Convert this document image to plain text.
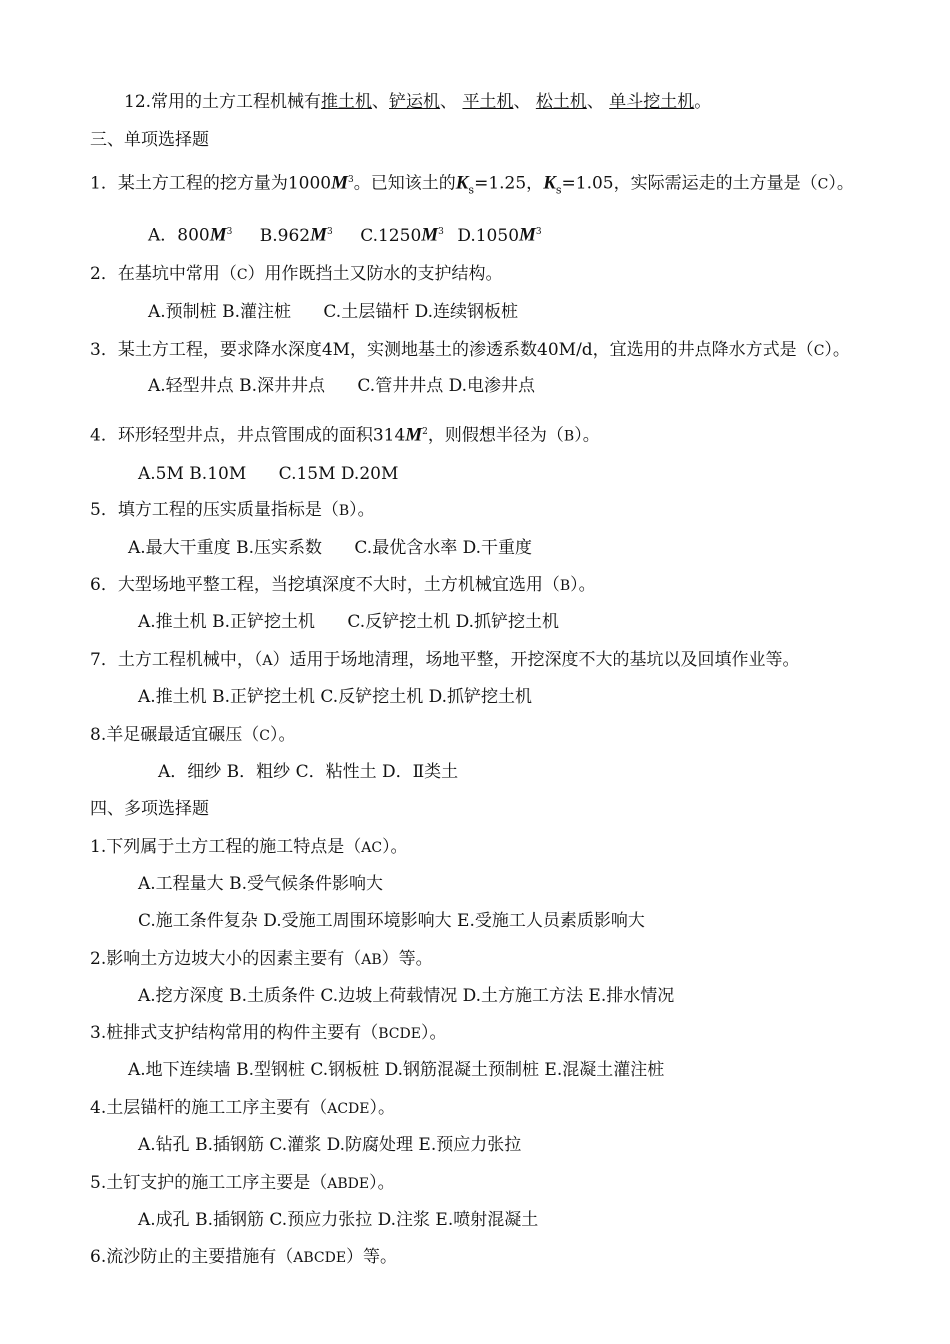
12.常用的土方工程机械有推土机、铲运机、 平土机、 松土机、 单斗挖土机。
三、单项选择题
1．某土方工程的挖方量为$1000M^3$。已知该土的$K_s=1.25$，$K_s=1.05$，实际需运走的土方量是（C）。
A．$800M^3$ $B.962M^3$ $C.1250M^3$ $D.1050M^3$
2．在基坑中常用（C）用作既挡土又防水的支护结构。
A.预制桩 B.灌注桩      C.土层锚杆 D.连续钢板桩
3．某土方工程，要求降水深度4M，实测地基土的渗透系数40M/d，宜选用的井点降水方式是（C）。
A.轻型井点 B.深井井点      C.管井井点 D.电渗井点
4．环形轻型井点，井点管围成的面积$314M^2$，则假想半径为（B）。
A.5M B.10M      C.15M D.20M
5．填方工程的压实质量指标是（B）。
A.最大干重度 B.压实系数      C.最优含水率 D.干重度
6．大型场地平整工程，当挖填深度不大时，土方机械宜选用（B）。
A.推土机 B.正铲挖土机      C.反铲挖土机 D.抓铲挖土机
7．土方工程机械中，（A）适用于场地清理，场地平整，开挖深度不大的基坑以及回填作业等。
A.推土机 B.正铲挖土机 C.反铲挖土机 D.抓铲挖土机
8.羊足碾最适宜碾压（C）。
A．细纱 B．粗纱 C．粘性土 D．Ⅱ类土
四、多项选择题
1.下列属于土方工程的施工特点是（AC）。
A.工程量大 B.受气候条件影响大
C.施工条件复杂 D.受施工周围环境影响大 E.受施工人员素质影响大
2.影响土方边坡大小的因素主要有（AB）等。
A.挖方深度 B.土质条件 C.边坡上荷载情况 D.土方施工方法 E.排水情况
3.桩排式支护结构常用的构件主要有（BCDE）。
A.地下连续墙 B.型钢桩 C.钢板桩 D.钢筋混凝土预制桩 E.混凝土灌注桩
4.土层锚杆的施工工序主要有（ACDE）。
A.钻孔 B.插钢筋 C.灌浆 D.防腐处理 E.预应力张拉
5.土钉支护的施工工序主要是（ABDE）。
A.成孔 B.插钢筋 C.预应力张拉 D.注浆 E.喷射混凝土
6.流沙防止的主要措施有（ABCDE）等。
